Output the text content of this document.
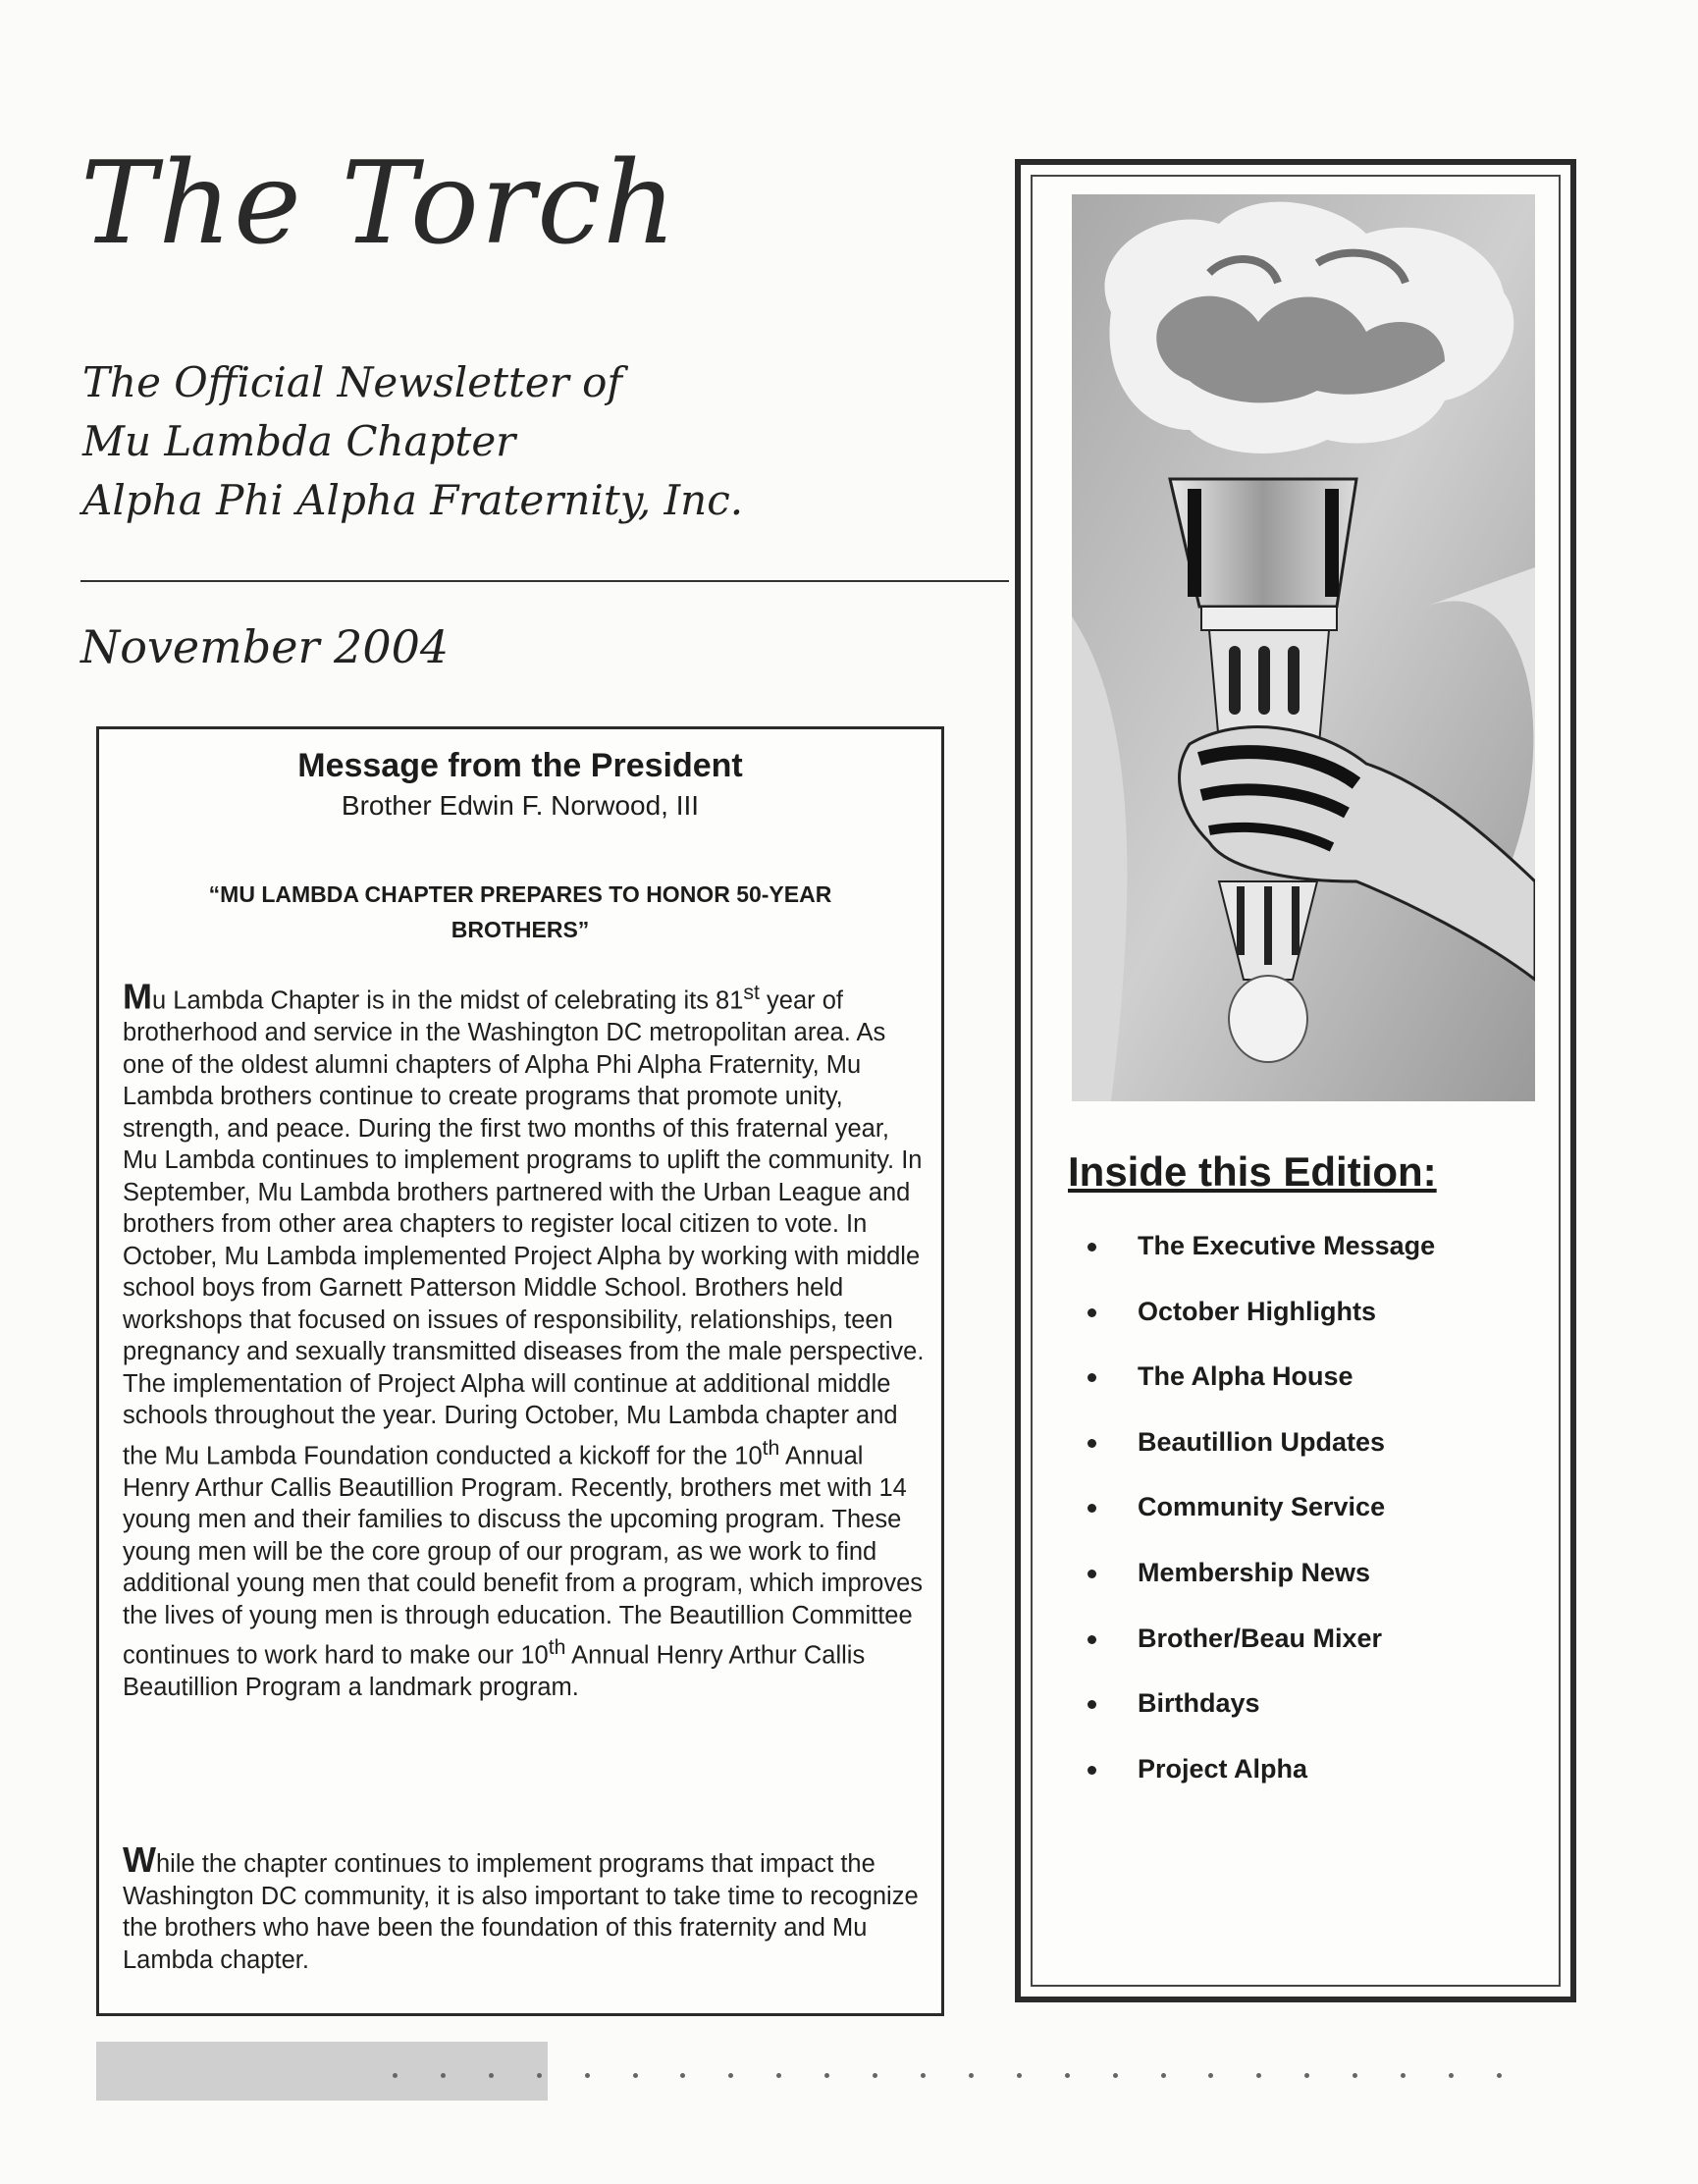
The Torch
The Official Newsletter of
Mu Lambda Chapter
Alpha Phi Alpha Fraternity, Inc.
November 2004
Message from the President
Brother Edwin F. Norwood, III
“MU LAMBDA CHAPTER PREPARES TO HONOR 50-YEAR BROTHERS”

Mu Lambda Chapter is in the midst of celebrating its 81st year of brotherhood and service in the Washington DC metropolitan area. As one of the oldest alumni chapters of Alpha Phi Alpha Fraternity, Mu Lambda brothers continue to create programs that promote unity, strength, and peace. During the first two months of this fraternal year, Mu Lambda continues to implement programs to uplift the community. In September, Mu Lambda brothers partnered with the Urban League and brothers from other area chapters to register local citizen to vote. In October, Mu Lambda implemented Project Alpha by working with middle school boys from Garnett Patterson Middle School. Brothers held workshops that focused on issues of responsibility, relationships, teen pregnancy and sexually transmitted diseases from the male perspective. The implementation of Project Alpha will continue at additional middle schools throughout the year. During October, Mu Lambda chapter and the Mu Lambda Foundation conducted a kickoff for the 10th Annual Henry Arthur Callis Beautillion Program. Recently, brothers met with 14 young men and their families to discuss the upcoming program. These young men will be the core group of our program, as we work to find additional young men that could benefit from a program, which improves the lives of young men is through education. The Beautillion Committee continues to work hard to make our 10th Annual Henry Arthur Callis Beautillion Program a landmark program.

While the chapter continues to implement programs that impact the Washington DC community, it is also important to take time to recognize the brothers who have been the foundation of this fraternity and Mu Lambda chapter.

Inside this Edition:
The Executive Message
October Highlights
The Alpha House
Beautillion Updates
Community Service
Membership News
Brother/Beau Mixer
Birthdays
Project Alpha
